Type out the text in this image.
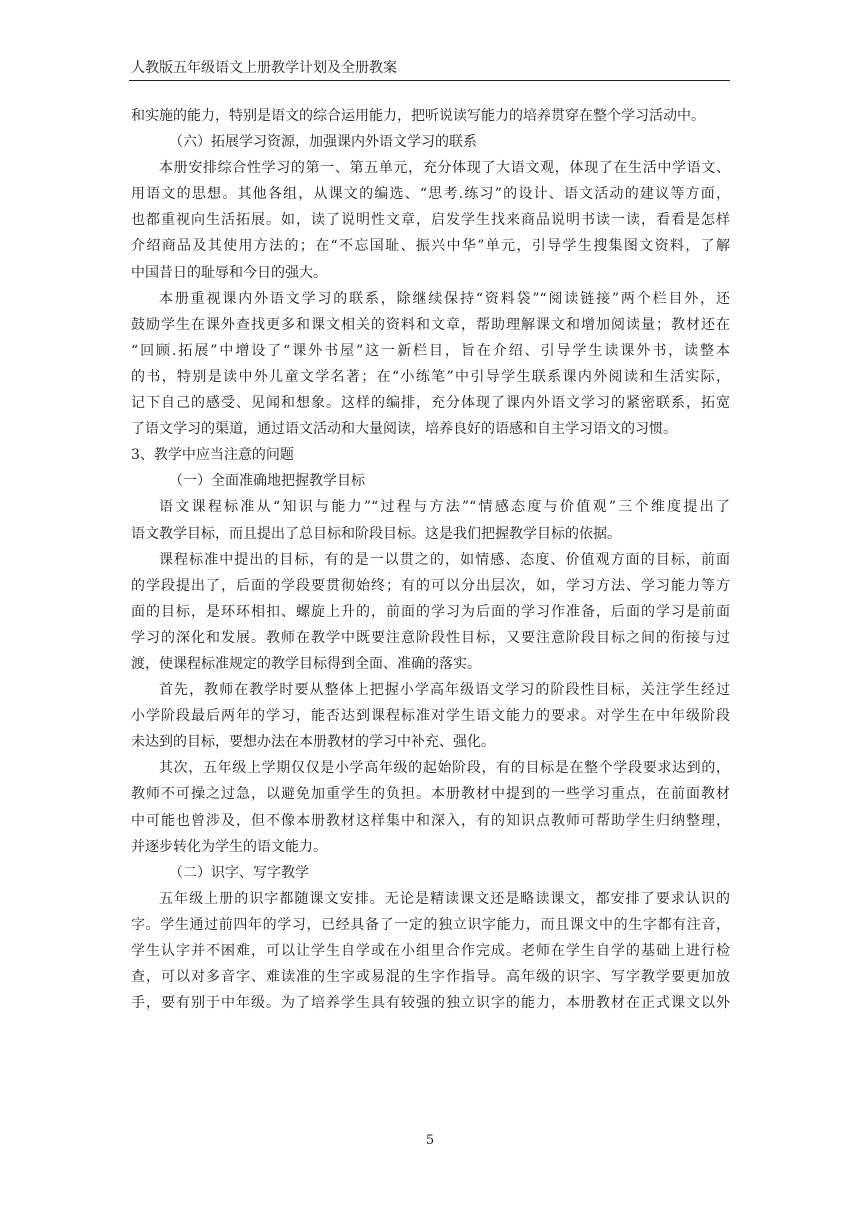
人教版五年级语文上册教学计划及全册教案
和实施的能力，特别是语文的综合运用能力，把听说读写能力的培养贯穿在整个学习活动中。
（六）拓展学习资源，加强课内外语文学习的联系
本册安排综合性学习的第一、第五单元，充分体现了大语文观，体现了在生活中学语文、
用语文的思想。其他各组，从课文的编选、“思考.练习”的设计、语文活动的建议等方面，
也都重视向生活拓展。如，读了说明性文章，启发学生找来商品说明书读一读，看看是怎样
介绍商品及其使用方法的；在“不忘国耻、振兴中华”单元，引导学生搜集图文资料，了解
中国昔日的耻辱和今日的强大。
本册重视课内外语文学习的联系，除继续保持“资料袋”“阅读链接”两个栏目外，还
鼓励学生在课外查找更多和课文相关的资料和文章，帮助理解课文和增加阅读量；教材还在
“回顾.拓展”中增设了“课外书屋”这一新栏目，旨在介绍、引导学生读课外书，读整本
的书，特别是读中外儿童文学名著；在“小练笔”中引导学生联系课内外阅读和生活实际，
记下自己的感受、见闻和想象。这样的编排，充分体现了课内外语文学习的紧密联系，拓宽
了语文学习的渠道，通过语文活动和大量阅读，培养良好的语感和自主学习语文的习惯。
3、教学中应当注意的问题
（一）全面准确地把握教学目标
语文课程标准从“知识与能力”“过程与方法”“情感态度与价值观”三个维度提出了
语文教学目标，而且提出了总目标和阶段目标。这是我们把握教学目标的依据。
课程标准中提出的目标，有的是一以贯之的，如情感、态度、价值观方面的目标，前面
的学段提出了，后面的学段要贯彻始终；有的可以分出层次，如，学习方法、学习能力等方
面的目标，是环环相扣、螺旋上升的，前面的学习为后面的学习作准备，后面的学习是前面
学习的深化和发展。教师在教学中既要注意阶段性目标，又要注意阶段目标之间的衔接与过
渡，使课程标准规定的教学目标得到全面、准确的落实。
首先，教师在教学时要从整体上把握小学高年级语文学习的阶段性目标，关注学生经过
小学阶段最后两年的学习，能否达到课程标准对学生语文能力的要求。对学生在中年级阶段
未达到的目标，要想办法在本册教材的学习中补充、强化。
其次，五年级上学期仅仅是小学高年级的起始阶段，有的目标是在整个学段要求达到的，
教师不可操之过急，以避免加重学生的负担。本册教材中提到的一些学习重点，在前面教材
中可能也曾涉及，但不像本册教材这样集中和深入，有的知识点教师可帮助学生归纳整理，
并逐步转化为学生的语文能力。
（二）识字、写字教学
五年级上册的识字都随课文安排。无论是精读课文还是略读课文，都安排了要求认识的
字。学生通过前四年的学习，已经具备了一定的独立识字能力，而且课文中的生字都有注音，
学生认字并不困难，可以让学生自学或在小组里合作完成。老师在学生自学的基础上进行检
查，可以对多音字、难读准的生字或易混的生字作指导。高年级的识字、写字教学要更加放
手，要有别于中年级。为了培养学生具有较强的独立识字的能力，本册教材在正式课文以外
5
